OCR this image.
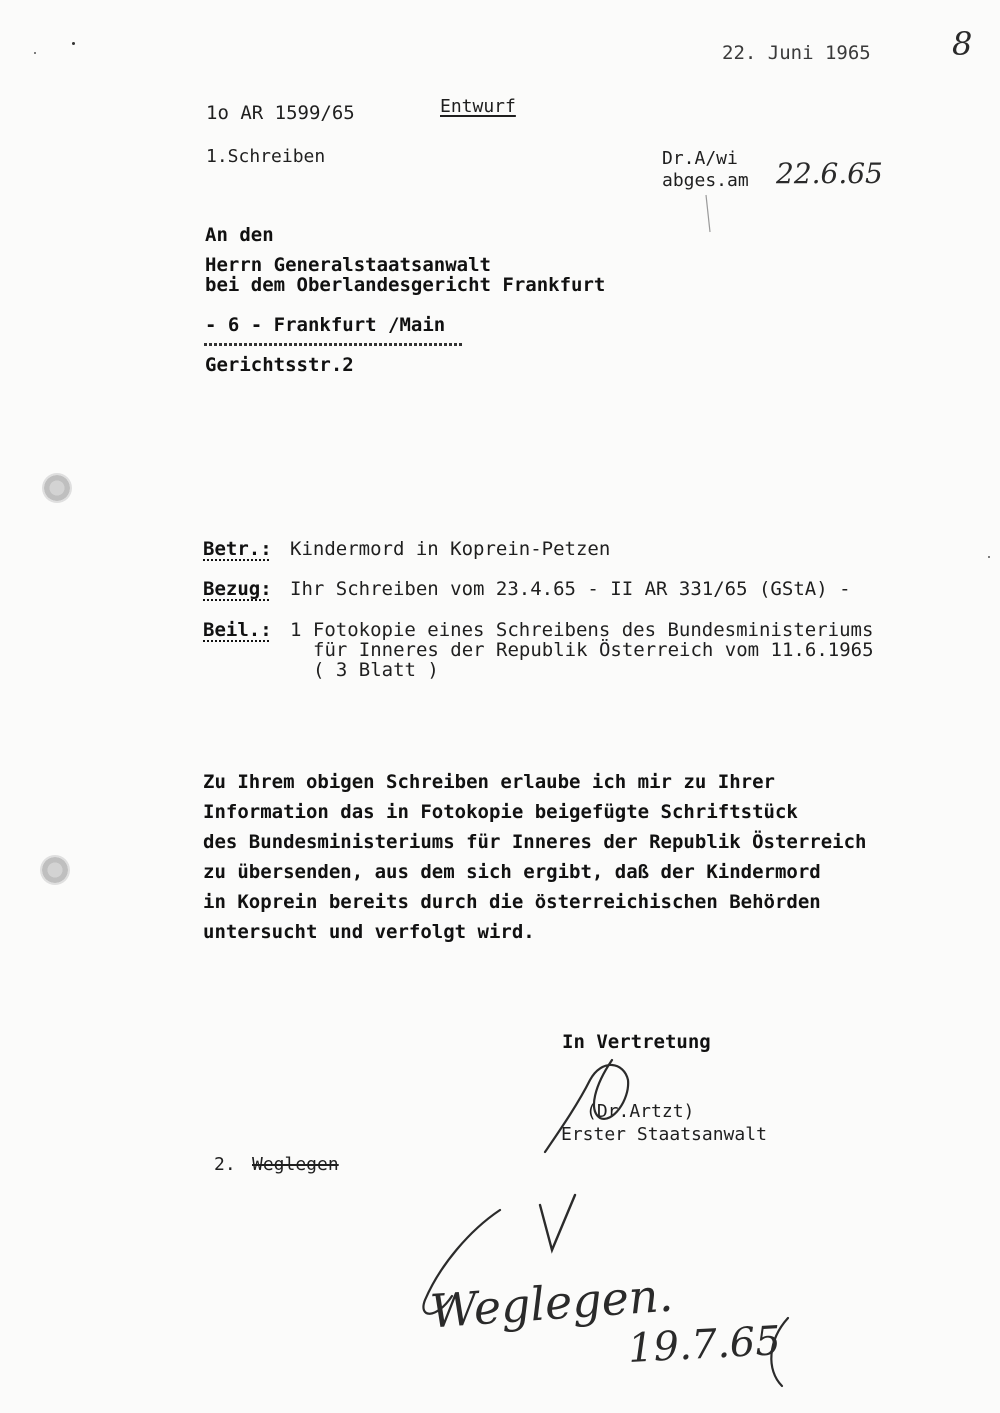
22. Juni 1965	8
1o AR 1599/65	Entwurf
1.Schreiben	Dr.A/wi
abges.am 22.6.65
An den
Herrn Generalstaatsanwalt
bei dem Oberlandesgericht Frankfurt
- 6 - Frankfurt /Main
Gerichtsstr.2
Betr.: Kindermord in Koprein-Petzen
Bezug: Ihr Schreiben vom 23.4.65 - II AR 331/65 (GStA) -
Beil.: 1 Fotokopie eines Schreibens des Bundesministeriums
für Inneres der Republik Österreich vom 11.6.1965
( 3 Blatt )
Zu Ihrem obigen Schreiben erlaube ich mir zu Ihrer
Information das in Fotokopie beigefügte Schriftstück
des Bundesministeriums für Inneres der Republik Österreich
zu übersenden, aus dem sich ergibt, daß der Kindermord
in Koprein bereits durch die österreichischen Behörden
untersucht und verfolgt wird.
In Vertretung
(Dr.Artzt)
Erster Staatsanwalt
2. Weglegen
Weglegen.
19.7.65
